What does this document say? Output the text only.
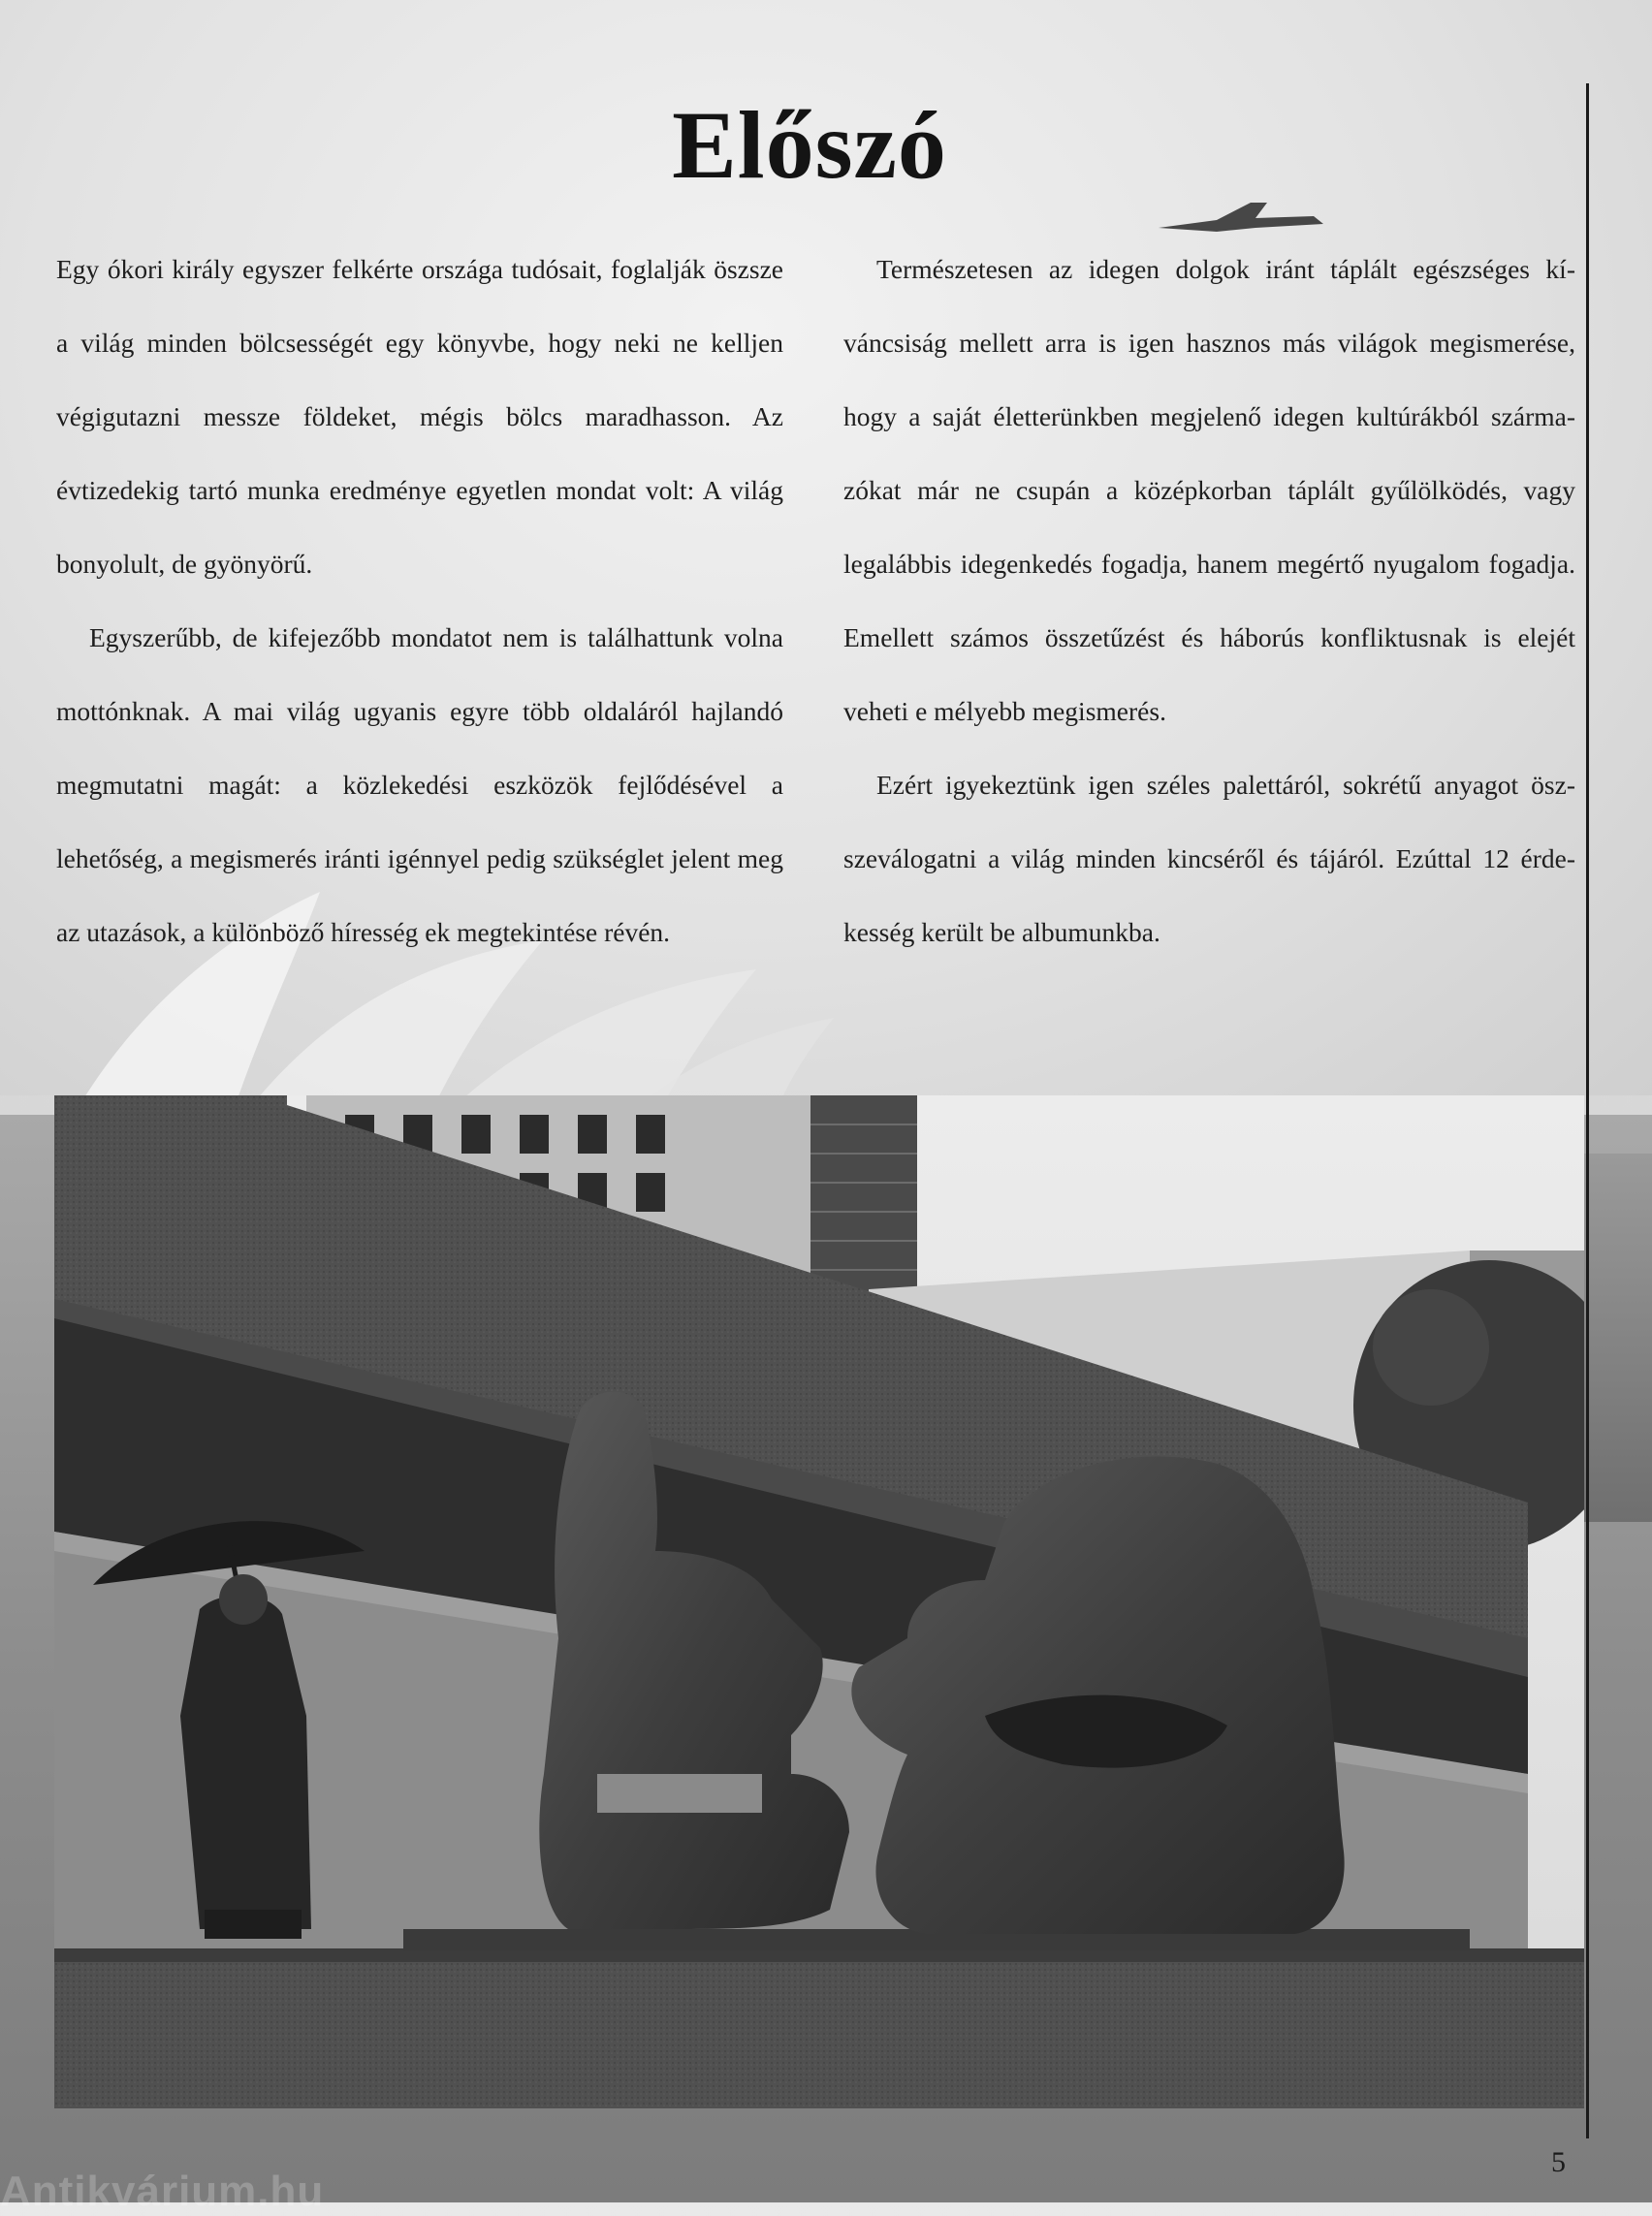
Előszó

Egy ókori király egyszer felkérte országa tudósait, foglalják öszsze a világ minden bölcsességét egy könyvbe, hogy neki ne kelljen végigutazni messze földeket, mégis bölcs maradhasson. Az évtizedekig tartó munka eredménye egyetlen mondat volt: A világ bonyolult, de gyönyörű.

Egyszerűbb, de kifejezőbb mondatot nem is találhattunk volna mottónknak. A mai világ ugyanis egyre több oldaláról hajlandó megmutatni magát: a közlekedési eszközök fejlődésével a lehetőség, a megismerés iránti igénnyel pedig szükséglet jelent meg az utazások, a különböző híresség ek megtekintése révén.

Természetesen az idegen dolgok iránt táplált egészséges kíváncsiság mellett arra is igen hasznos más világok megismerése, hogy a saját életterünkben megjelenő idegen kultúrákból származókat már ne csupán a középkorban táplált gyűlölködés, vagy legalábbis idegenkedés fogadja, hanem megértő nyugalom fogadja. Emellett számos összetűzést és háborús konfliktusnak is elejét veheti e mélyebb megismerés.

Ezért igyekeztünk igen széles palettáról, sokrétű anyagot öszszeválogatni a világ minden kincséről és tájáról. Ezúttal 12 érdekesség került be albumunkba.

5
Antikvárium.hu
